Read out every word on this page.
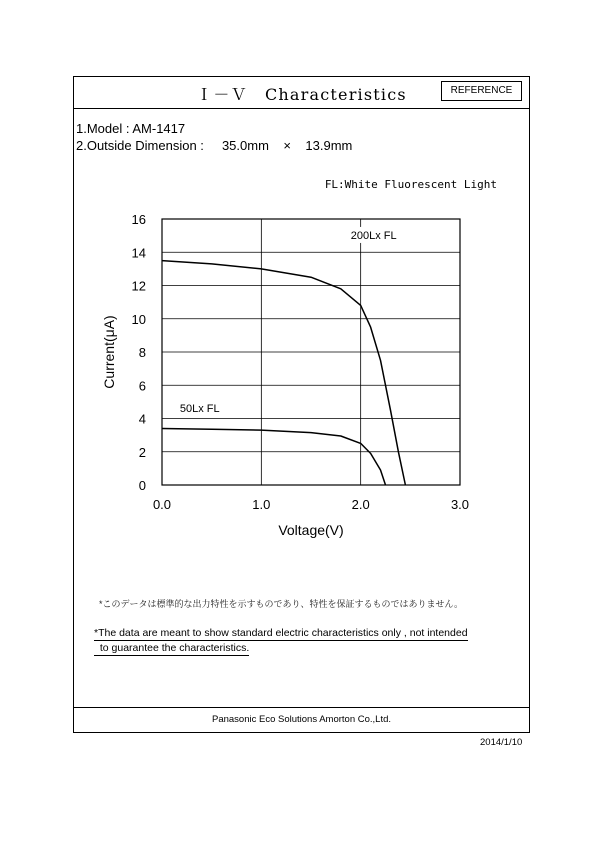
Ｉ－Ｖ　Characteristics	REFERENCE
1.Model : AM-1417
2.Outside Dimension :     35.0mm    ×    13.9mm
FL:White Fluorescent Light
0
2
4
6
8
10
12
14
16
0.0	1.0	2.0	3.0
200Lx FL
50Lx FL
Voltage(V)
Current(μA)
*このデータは標準的な出力特性を示すものであり、特性を保証するものではありません。
*The data are meant to show standard electric characteristics only , not intended
to guarantee the characteristics.
Panasonic Eco Solutions Amorton Co.,Ltd.
2014/1/10
